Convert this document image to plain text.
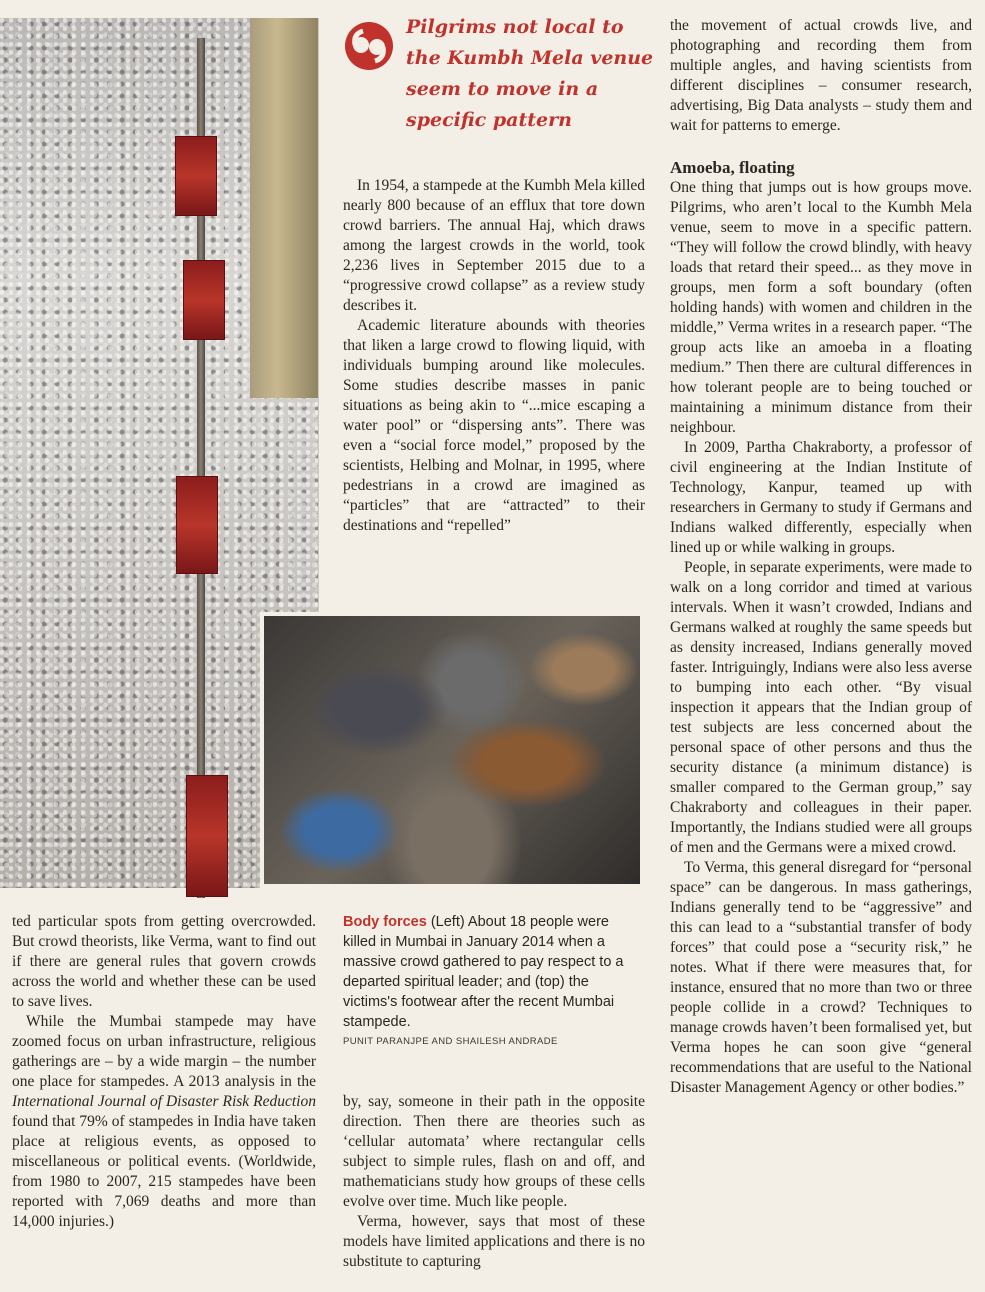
Pilgrims not local to the Kumbh Mela venue seem to move in a specific pattern

In 1954, a stampede at the Kumbh Mela killed nearly 800 because of an efflux that tore down crowd barriers. The annual Haj, which draws among the largest crowds in the world, took 2,236 lives in September 2015 due to a “progressive crowd collapse” as a review study describes it.

Academic literature abounds with theories that liken a large crowd to flowing liquid, with individuals bumping around like molecules. Some studies describe masses in panic situations as being akin to “...mice escaping a water pool” or “dispersing ants”. There was even a “social force model,” proposed by the scientists, Helbing and Molnar, in 1995, where pedestrians in a crowd are imagined as “particles” that are “attracted” to their destinations and “repelled”

Body forces (Left) About 18 people were killed in Mumbai in January 2014 when a massive crowd gathered to pay respect to a departed spiritual leader; and (top) the victims's footwear after the recent Mumbai stampede.

PUNIT PARANJPE AND SHAILESH ANDRADE

ted particular spots from getting overcrowded. But crowd theorists, like Verma, want to find out if there are general rules that govern crowds across the world and whether these can be used to save lives.

While the Mumbai stampede may have zoomed focus on urban infrastructure, religious gatherings are – by a wide margin – the number one place for stampedes. A 2013 analysis in the International Journal of Disaster Risk Reduction found that 79% of stampedes in India have taken place at religious events, as opposed to miscellaneous or political events. (Worldwide, from 1980 to 2007, 215 stampedes have been reported with 7,069 deaths and more than 14,000 injuries.)

by, say, someone in their path in the opposite direction. Then there are theories such as ‘cellular automata’ where rectangular cells subject to simple rules, flash on and off, and mathematicians study how groups of these cells evolve over time. Much like people.

Verma, however, says that most of these models have limited applications and there is no substitute to capturing

the movement of actual crowds live, and photographing and recording them from multiple angles, and having scientists from different disciplines – consumer research, advertising, Big Data analysts – study them and wait for patterns to emerge.

Amoeba, floating

One thing that jumps out is how groups move. Pilgrims, who aren’t local to the Kumbh Mela venue, seem to move in a specific pattern. “They will follow the crowd blindly, with heavy loads that retard their speed... as they move in groups, men form a soft boundary (often holding hands) with women and children in the middle,” Verma writes in a research paper. “The group acts like an amoeba in a floating medium.” Then there are cultural differences in how tolerant people are to being touched or maintaining a minimum distance from their neighbour.

In 2009, Partha Chakraborty, a professor of civil engineering at the Indian Institute of Technology, Kanpur, teamed up with researchers in Germany to study if Germans and Indians walked differently, especially when lined up or while walking in groups.

People, in separate experiments, were made to walk on a long corridor and timed at various intervals. When it wasn’t crowded, Indians and Germans walked at roughly the same speeds but as density increased, Indians generally moved faster. Intriguingly, Indians were also less averse to bumping into each other. “By visual inspection it appears that the Indian group of test subjects are less concerned about the personal space of other persons and thus the security distance (a minimum distance) is smaller compared to the German group,” say Chakraborty and colleagues in their paper. Importantly, the Indians studied were all groups of men and the Germans were a mixed crowd.

To Verma, this general disregard for “personal space” can be dangerous. In mass gatherings, Indians generally tend to be “aggressive” and this can lead to a “substantial transfer of body forces” that could pose a “security risk,” he notes. What if there were measures that, for instance, ensured that no more than two or three people collide in a crowd? Techniques to manage crowds haven’t been formalised yet, but Verma hopes he can soon give “general recommendations that are useful to the National Disaster Management Agency or other bodies.”
